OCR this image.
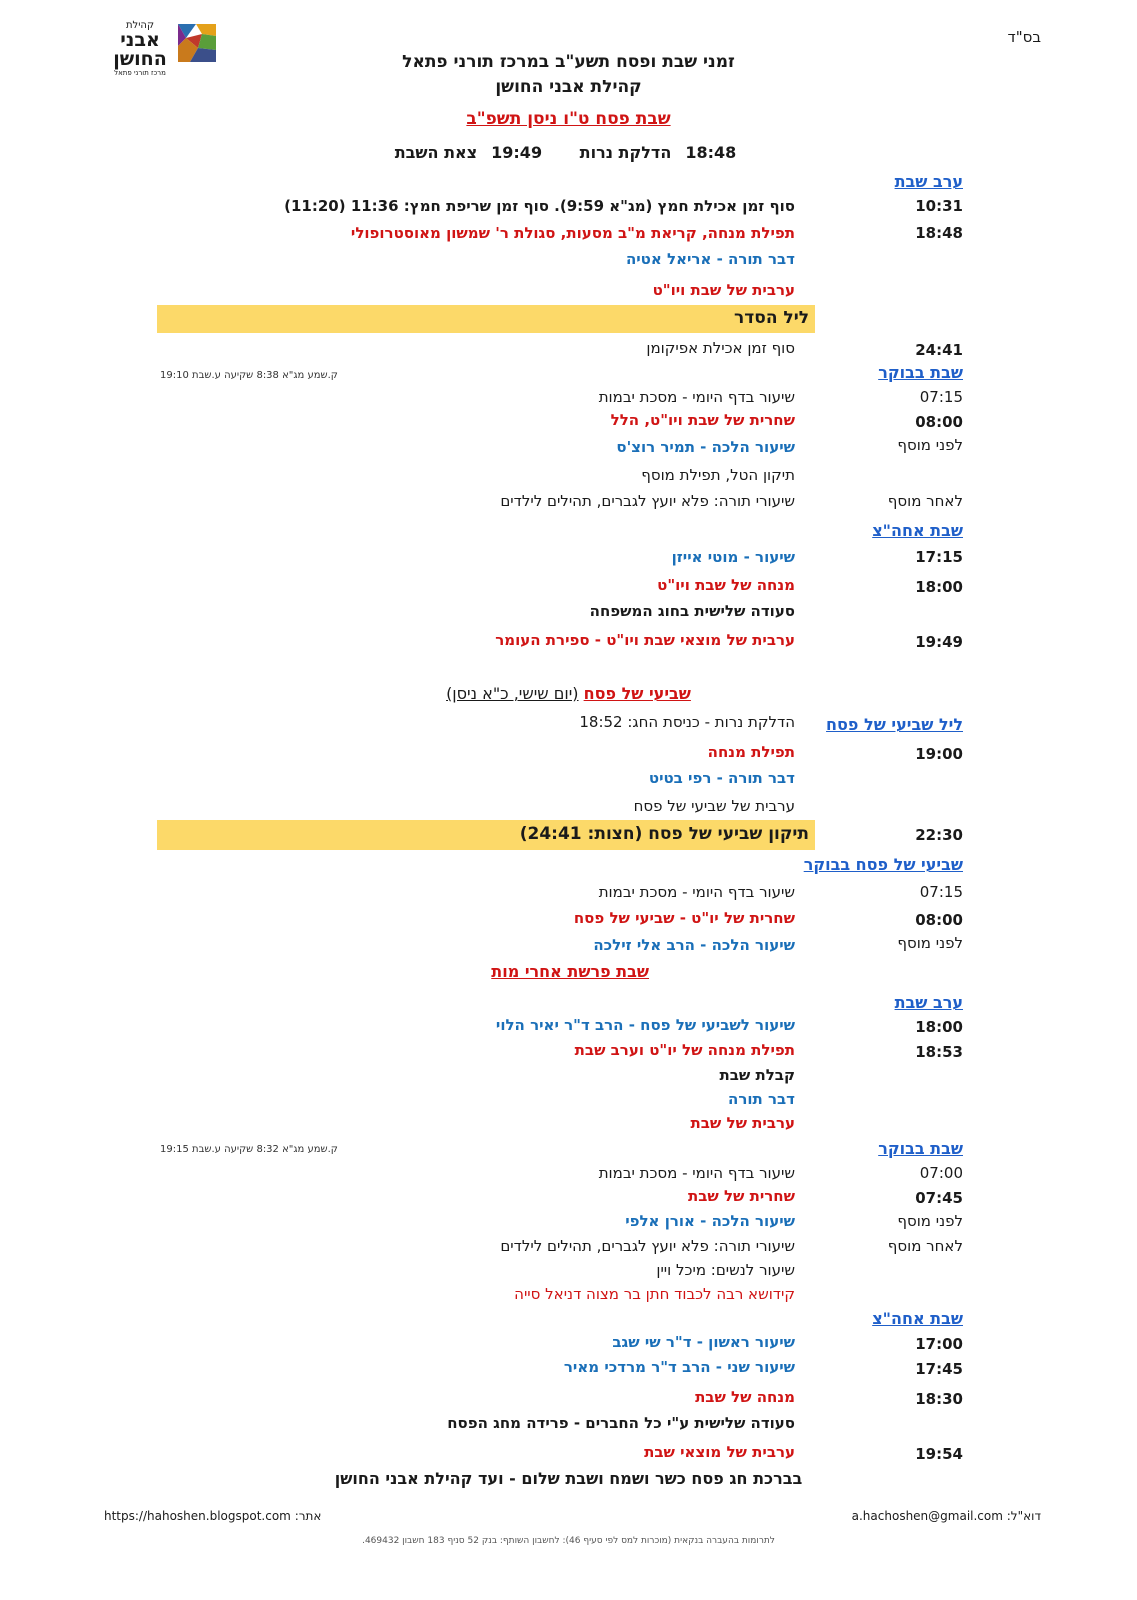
בס"ד
קהילת
אבני
החושן
מרכז תורני פתאל
זמני שבת ופסח תשע"ב במרכז תורני פתאל
קהילת אבני החושן
שבת פסח ט"ו ניסן תשפ"ב
18:48הדלקת נרות 19:49צאת השבת
ערב שבת
10:31
סוף זמן אכילת חמץ (מג"א 9:59). סוף זמן שריפת חמץ: 11:36 (11:20)
18:48
תפילת מנחה, קריאת מ"ב מסעות, סגולת ר' שמשון מאוסטרופולי
דבר תורה - אריאל אטיה
ערבית של שבת ויו"ט
ליל הסדר
24:41
סוף זמן אכילת אפיקומן
שבת בבוקר
ק.שמע מג"א 8:38 שקיעה ע.שבת 19:10
07:15
שיעור בדף היומי - מסכת יבמות
08:00
שחרית של שבת ויו"ט, הלל
לפני מוסף
שיעור הלכה - תמיר רוצ'ס
תיקון הטל, תפילת מוסף
לאחר מוסף
שיעורי תורה: פלא יועץ לגברים, תהילים לילדים
שבת אחה"צ
17:15
שיעור - מוטי אייזן
18:00
מנחה של שבת ויו"ט
סעודה שלישית בחוג המשפחה
19:49
ערבית של מוצאי שבת ויו"ט - ספירת העומר
שביעי של פסח (יום שישי, כ"א ניסן)
ליל שביעי של פסח
הדלקת נרות - כניסת החג: 18:52
19:00
תפילת מנחה
דבר תורה - רפי בטיט
ערבית של שביעי של פסח
תיקון שביעי של פסח (חצות: 24:41)	22:30
שביעי של פסח בבוקר
07:15
שיעור בדף היומי - מסכת יבמות
08:00
שחרית של יו"ט - שביעי של פסח
לפני מוסף
שיעור הלכה - הרב אלי זילכה
שבת פרשת אחרי מות
ערב שבת
18:00
שיעור לשביעי של פסח - הרב ד"ר יאיר הלוי
18:53
תפילת מנחה של יו"ט וערב שבת
קבלת שבת
דבר תורה
ערבית של שבת
שבת בבוקר
ק.שמע מג"א 8:32 שקיעה ע.שבת 19:15
07:00
שיעור בדף היומי - מסכת יבמות
07:45
שחרית של שבת
לפני מוסף
שיעור הלכה - אורן אלפי
לאחר מוסף
שיעורי תורה: פלא יועץ לגברים, תהילים לילדים
שיעור לנשים: מיכל ויין
קידושא רבה לכבוד חתן בר מצוה דניאל סייה
שבת אחה"צ
17:00
שיעור ראשון - ד"ר שי שגב
17:45
שיעור שני - הרב ד"ר מרדכי מאיר
18:30
מנחה של שבת
סעודה שלישית ע"י כל החברים - פרידה מחג הפסח
19:54
ערבית של מוצאי שבת
בברכת חג פסח כשר ושמח ושבת שלום - ועד קהילת אבני החושן
דוא"ל: a.hachoshen@gmail.com
אתר: https://hahoshen.blogspot.com
לתרומות בהעברה בנקאית (מוכרות למס לפי סעיף 46): לחשבון השותף: בנק 52 סניף 183 חשבון 469432.
